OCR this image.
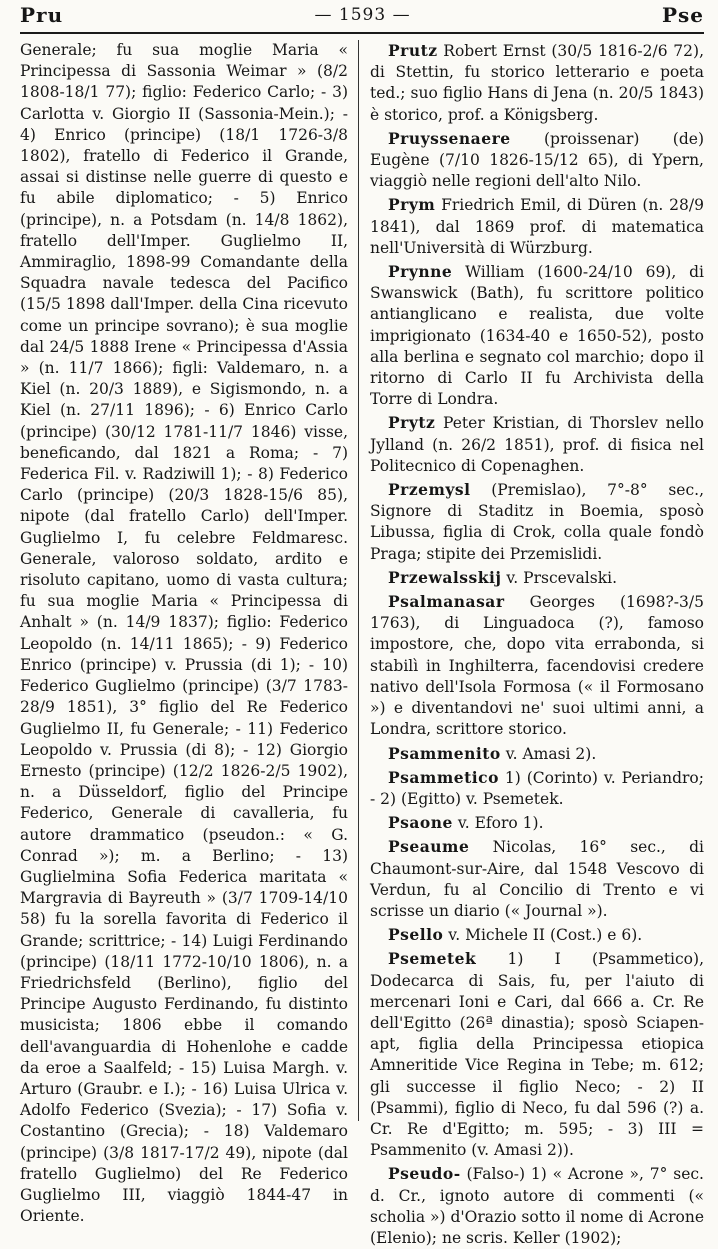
Pru	— 1593 —	Pse

Generale; fu sua moglie Maria « Principessa di Sassonia Weimar » (8/2 1808-18/1 77); figlio: Federico Carlo; - 3) Carlotta v. Giorgio II (Sassonia-Mein.); - 4) Enrico (principe) (18/1 1726-3/8 1802), fratello di Federico il Grande, assai si distinse nelle guerre di questo e fu abile diplomatico; - 5) Enrico (principe), n. a Potsdam (n. 14/8 1862), fratello dell'Imper. Guglielmo II, Ammiraglio, 1898-99 Comandante della Squadra navale tedesca del Pacifico (15/5 1898 dall'Imper. della Cina ricevuto come un principe sovrano); è sua moglie dal 24/5 1888 Irene « Principessa d'Assia » (n. 11/7 1866); figli: Valdemaro, n. a Kiel (n. 20/3 1889), e Sigismondo, n. a Kiel (n. 27/11 1896); - 6) Enrico Carlo (principe) (30/12 1781-11/7 1846) visse, beneficando, dal 1821 a Roma; - 7) Federica Fil. v. Radziwill 1); - 8) Federico Carlo (principe) (20/3 1828-15/6 85), nipote (dal fratello Carlo) dell'Imper. Guglielmo I, fu celebre Feldmaresc. Generale, valoroso soldato, ardito e risoluto capitano, uomo di vasta cultura; fu sua moglie Maria « Principessa di Anhalt » (n. 14/9 1837); figlio: Federico Leopoldo (n. 14/11 1865); - 9) Federico Enrico (principe) v. Prussia (di 1); - 10) Federico Guglielmo (principe) (3/7 1783-28/9 1851), 3° figlio del Re Federico Guglielmo II, fu Generale; - 11) Federico Leopoldo v. Prussia (di 8); - 12) Giorgio Ernesto (principe) (12/2 1826-2/5 1902), n. a Düsseldorf, figlio del Principe Federico, Generale di cavalleria, fu autore drammatico (pseudon.: « G. Conrad »); m. a Berlino; - 13) Guglielmina Sofia Federica maritata « Margravia di Bayreuth » (3/7 1709-14/10 58) fu la sorella favorita di Federico il Grande; scrittrice; - 14) Luigi Ferdinando (principe) (18/11 1772-10/10 1806), n. a Friedrichsfeld (Berlino), figlio del Principe Augusto Ferdinando, fu distinto musicista; 1806 ebbe il comando dell'avanguardia di Hohenlohe e cadde da eroe a Saalfeld; - 15) Luisa Margh. v. Arturo (Graubr. e I.); - 16) Luisa Ulrica v. Adolfo Federico (Svezia); - 17) Sofia v. Costantino (Grecia); - 18) Valdemaro (principe) (3/8 1817-17/2 49), nipote (dal fratello Guglielmo) del Re Federico Guglielmo III, viaggiò 1844-47 in Oriente.

Prutz Robert Ernst (30/5 1816-2/6 72), di Stettin, fu storico letterario e poeta ted.; suo figlio Hans di Jena (n. 20/5 1843) è storico, prof. a Königsberg.

Pruyssenaere (proissenar) (de) Eugène (7/10 1826-15/12 65), di Ypern, viaggiò nelle regioni dell'alto Nilo.

Prym Friedrich Emil, di Düren (n. 28/9 1841), dal 1869 prof. di matematica nell'Università di Würzburg.

Prynne William (1600-24/10 69), di Swanswick (Bath), fu scrittore politico antianglicano e realista, due volte imprigionato (1634-40 e 1650-52), posto alla berlina e segnato col marchio; dopo il ritorno di Carlo II fu Archivista della Torre di Londra.

Prytz Peter Kristian, di Thorslev nello Jylland (n. 26/2 1851), prof. di fisica nel Politecnico di Copenaghen.

Przemysl (Premislao), 7°-8° sec., Signore di Staditz in Boemia, sposò Libussa, figlia di Crok, colla quale fondò Praga; stipite dei Przemislidi.

Przewalsskij v. Prscevalski.

Psalmanasar Georges (1698?-3/5 1763), di Linguadoca (?), famoso impostore, che, dopo vita errabonda, si stabilì in Inghilterra, facendovisi credere nativo dell'Isola Formosa (« il Formosano ») e diventandovi ne' suoi ultimi anni, a Londra, scrittore storico.

Psammenito v. Amasi 2).

Psammetico 1) (Corinto) v. Periandro; - 2) (Egitto) v. Psemetek.

Psaone v. Eforo 1).

Pseaume Nicolas, 16° sec., di Chaumont-sur-Aire, dal 1548 Vescovo di Verdun, fu al Concilio di Trento e vi scrisse un diario (« Journal »).

Psello v. Michele II (Cost.) e 6).

Psemetek 1) I (Psammetico), Dodecarca di Sais, fu, per l'aiuto di mercenari Ioni e Cari, dal 666 a. Cr. Re dell'Egitto (26ª dinastia); sposò Sciapen-apt, figlia della Principessa etiopica Amneritide Vice Regina in Tebe; m. 612; gli successe il figlio Neco; - 2) II (Psammi), figlio di Neco, fu dal 596 (?) a. Cr. Re d'Egitto; m. 595; - 3) III = Psammenito (v. Amasi 2)).

Pseudo- (Falso-) 1) « Acrone », 7° sec. d. Cr., ignoto autore di commenti (« scholia ») d'Orazio sotto il nome di Acrone (Elenio); ne scris. Keller (1902);
